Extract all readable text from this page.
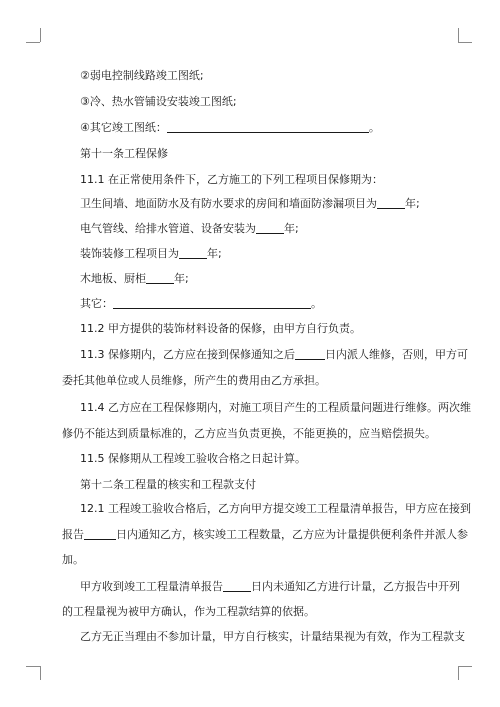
②弱电控制线路竣工图纸;
③冷、热水管铺设安装竣工图纸;
④其它竣工图纸：	。
第十一条工程保修
11.1 在正常使用条件下，乙方施工的下列工程项目保修期为：
卫生间墙、地面防水及有防水要求的房间和墙面防渗漏项目为	年;
电气管线、给排水管道、设备安装为	年;
装饰装修工程项目为	年;
木地板、厨柜	年;
其它：	。
11.2 甲方提供的装饰材料设备的保修，由甲方自行负责。
11.3 保修期内，乙方应在接到保修通知之后	日内派人维修，否则，甲方可
委托其他单位或人员维修，所产生的费用由乙方承担。
11.4 乙方应在工程保修期内，对施工项目产生的工程质量问题进行维修。两次维
修仍不能达到质量标准的，乙方应当负责更换，不能更换的，应当赔偿损失。
11.5 保修期从工程竣工验收合格之日起计算。
第十二条工程量的核实和工程款支付
12.1 工程竣工验收合格后，乙方向甲方提交竣工工程量清单报告，甲方应在接到
报告	日内通知乙方，核实竣工工程数量，乙方应为计量提供便利条件并派人参
加。
甲方收到竣工工程量清单报告	日内未通知乙方进行计量，乙方报告中开列
的工程量视为被甲方确认，作为工程款结算的依据。
乙方无正当理由不参加计量，甲方自行核实，计量结果视为有效，作为工程款支
